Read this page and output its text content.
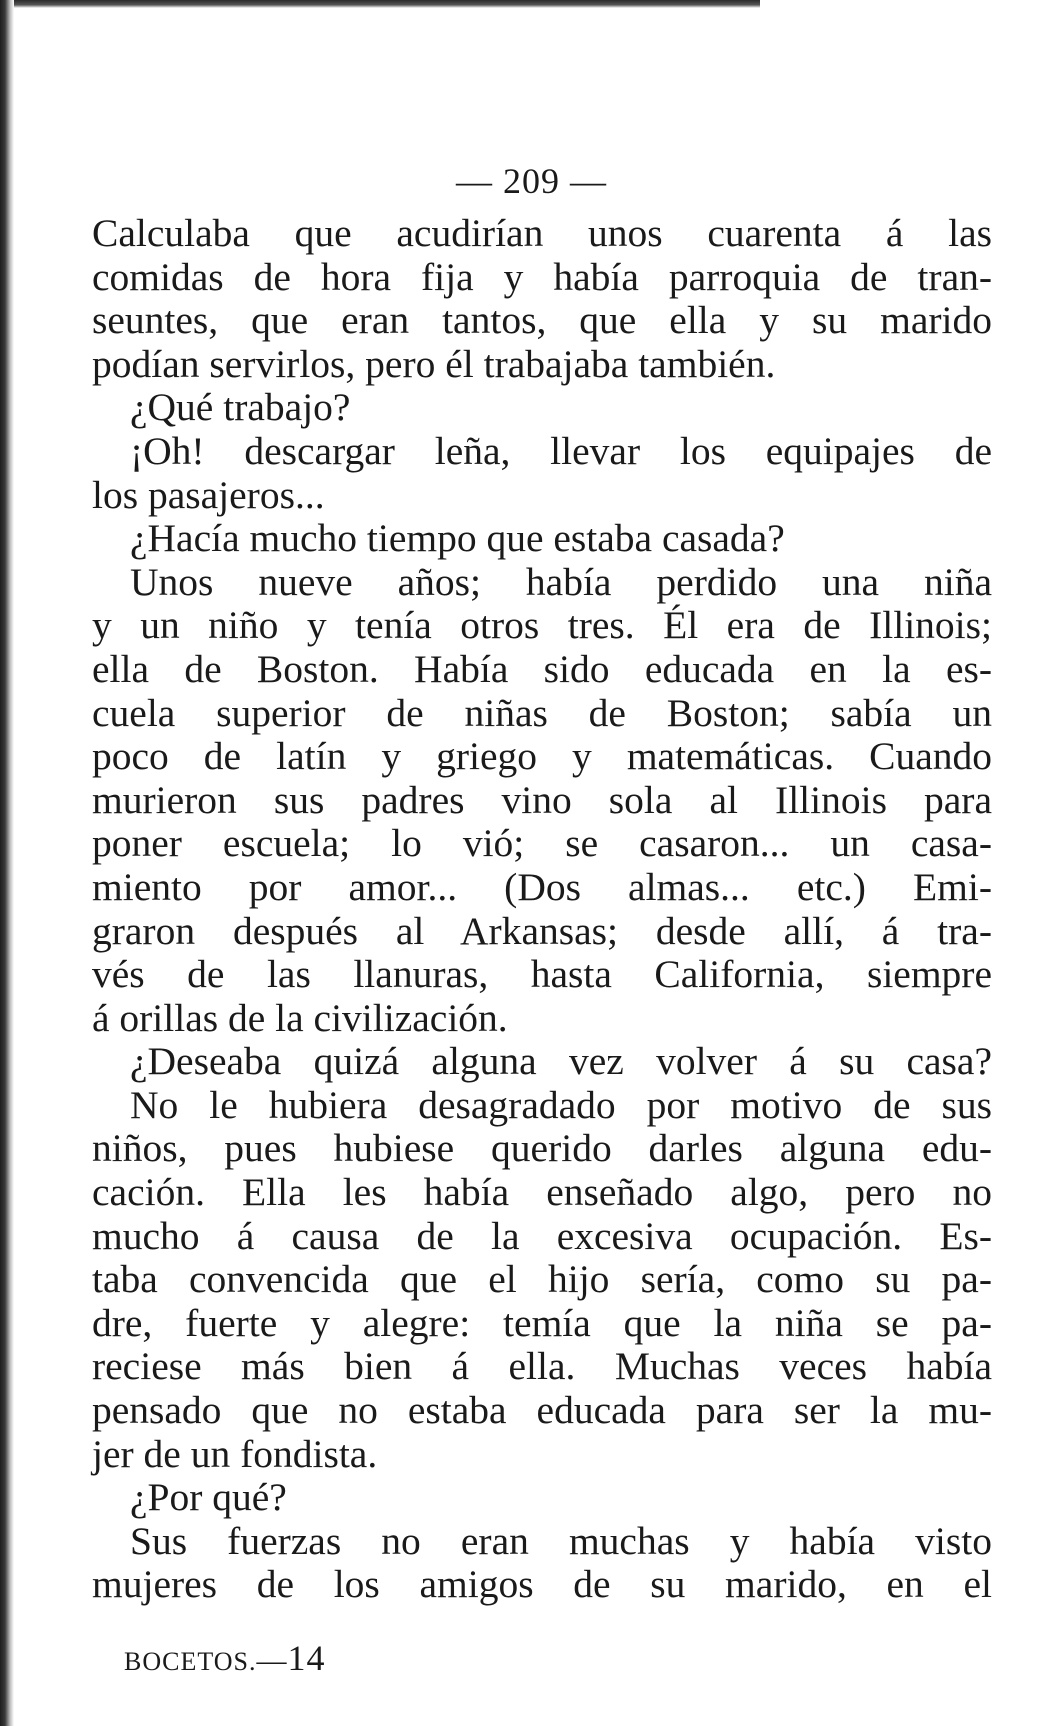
— 209 —
Calculaba que acudirían unos cuarenta á las
comidas de hora fija y había parroquia de tran-
seuntes, que eran tantos, que ella y su marido
podían servirlos, pero él trabajaba también.
¿Qué trabajo?
¡Oh! descargar leña, llevar los equipajes de
los pasajeros...
¿Hacía mucho tiempo que estaba casada?
Unos nueve años; había perdido una niña
y un niño y tenía otros tres. Él era de Illinois;
ella de Boston. Había sido educada en la es-
cuela superior de niñas de Boston; sabía un
poco de latín y griego y matemáticas. Cuando
murieron sus padres vino sola al Illinois para
poner escuela; lo vió; se casaron... un casa-
miento por amor... (Dos almas... etc.) Emi-
graron después al Arkansas; desde allí, á tra-
vés de las llanuras, hasta California, siempre
á orillas de la civilización.
¿Deseaba quizá alguna vez volver á su casa?
No le hubiera desagradado por motivo de sus
niños, pues hubiese querido darles alguna edu-
cación. Ella les había enseñado algo, pero no
mucho á causa de la excesiva ocupación. Es-
taba convencida que el hijo sería, como su pa-
dre, fuerte y alegre: temía que la niña se pa-
reciese más bien á ella. Muchas veces había
pensado que no estaba educada para ser la mu-
jer de un fondista.
¿Por qué?
Sus fuerzas no eran muchas y había visto
mujeres de los amigos de su marido, en el
BOCETOS.—14
